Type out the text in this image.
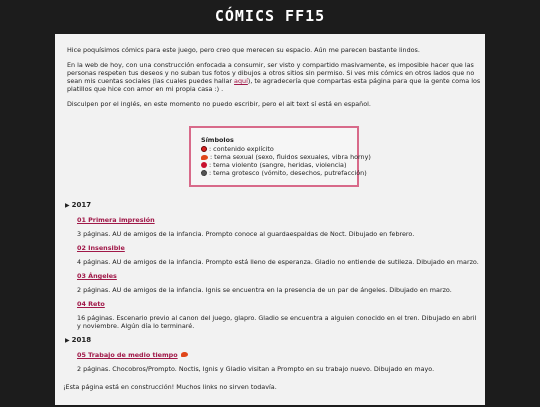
CÓMICS FF15

Hice poquísimos cómics para este juego, pero creo que merecen su espacio. Aún me parecen bastante lindos.

En la web de hoy, con una construcción enfocada a consumir, ser visto y compartido masivamente, es imposible hacer que las personas respeten tus deseos y no suban tus fotos y dibujos a otros sitios sin permiso. Si ves mis cómics en otros lados que no sean mis cuentas sociales (las cuales puedes hallar aquí), te agradecería que compartas esta página para que la gente coma los platillos que hice con amor en mi propia casa :) .

Disculpen por el inglés, en este momento no puedo escribir, pero el alt text sí está en español.

Símbolos
: contenido explícito
: tema sexual (sexo, fluidos sexuales, vibra horny)
: tema violento (sangre, heridas, violencia)
: tema grotesco (vómito, desechos, putrefacción)
▶ 2017
01 Primera impresión
3 páginas. AU de amigos de la infancia. Prompto conoce al guardaespaldas de Noct. Dibujado en febrero.
02 Insensible
4 páginas. AU de amigos de la infancia. Prompto está lleno de esperanza. Gladio no entiende de sutileza. Dibujado en marzo.
03 Ángeles
2 páginas. AU de amigos de la infancia. Ignis se encuentra en la presencia de un par de ángeles. Dibujado en marzo.
04 Reto
16 páginas. Escenario previo al canon del juego, glapro. Gladio se encuentra a alguien conocido en el tren. Dibujado en abril y noviembre. Algún día lo terminaré.
▶ 2018
05 Trabajo de medio tiempo
2 páginas. Chocobros/Prompto. Noctis, Ignis y Gladio visitan a Prompto en su trabajo nuevo. Dibujado en mayo.
¡Esta página está en construcción! Muchos links no sirven todavía.
